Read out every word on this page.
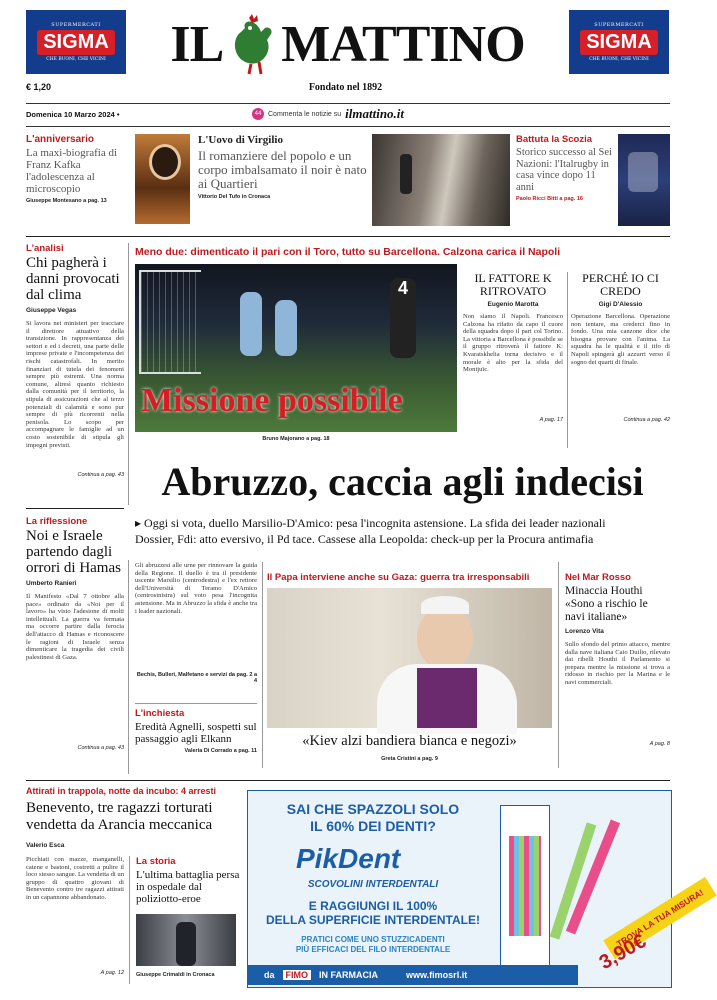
SUPERMERCATI
SIGMA
CHE BUONI, CHE VICINI
SUPERMERCATI
SIGMA
CHE BUONI, CHE VICINI
IL MATTINO
€ 1,20	Fondato nel 1892
Domenica 10 Marzo 2024 •	44 Commenta le notizie su ilmattino.it
L'anniversario
La maxi-biografia di Franz Kafka l'adolescenza al microscopio
Giuseppe Montesano a pag. 13
L'Uovo di Virgilio
Il romanziere del popolo e un corpo imbalsamato il noir è nato ai Quartieri
Vittorio Del Tufo in Cronaca
Battuta la Scozia
Storico successo al Sei Nazioni: l'Italrugby in casa vince dopo 11 anni
Paolo Ricci Bitti a pag. 16
L'analisi
Chi pagherà i danni provocati dal clima
Giuseppe Vegas

Si lavora nei ministeri per tracciare il direttore attuativo della transizione. In rappresentanza dei settori e ed i decreti, una parte delle imprese private e l'incompetenza dei rischi catastrofali. In merito finanziari di tutela dei fenomeni sempre più estremi. Una norma comune, altresì quanto richiesto dalla comunità per il territorio, la stipula di assicurazioni che al terzo potenziali di calamità e sono pur sempre di più ricorrenti nella penisola. Lo scopo per accompagnare le famiglie ad un costo sostenibile di stipula gli impegni previsti.

Continua a pag. 43
Meno due: dimenticato il pari con il Toro, tutto su Barcellona. Calzona carica il Napoli
4
Missione possibile
Bruno Majorano a pag. 18
IL FATTORE K RITROVATO
Eugenio Marotta

Non siamo il Napoli. Francesco Calzona ha rifatto da capo il cuore della squadra dopo il pari col Torino. La vittoria a Barcellona è possibile se il gruppo ritroverà il fattore K: Kvaratskhelia torna decisivo e il morale è alto per la sfida del Montjuïc.

A pag. 17
PERCHÉ IO CI CREDO
Gigi D'Alessio

Operazione Barcellona. Operazione non tentare, ma crederci fino in fondo. Una mia canzone dice che bisogna provare con l'anima. La squadra ha le qualità e il tifo di Napoli spingerà gli azzurri verso il sogno dei quarti di finale.

Continua a pag. 42
Abruzzo, caccia agli indecisi
▸ Oggi si vota, duello Marsilio-D'Amico: pesa l'incognita astensione. La sfida dei leader nazionali
Dossier, Fdi: atto eversivo, il Pd tace. Cassese alla Leopolda: check-up per la Procura antimafia
La riflessione
Noi e Israele partendo dagli orrori di Hamas
Umberto Ranieri

Il Manifesto «Dal 7 ottobre alla pace» ordinato da «Noi per il lavoro» ha visto l'adesione di molti intellettuali. La guerra va fermata ma occorre partire dalla ferocia dell'attacco di Hamas e riconoscere le ragioni di Israele senza dimenticare la tragedia dei civili palestinesi di Gaza.

Continua a pag. 43

Gli abruzzesi alle urne per rinnovare la guida della Regione. Il duello è tra il presidente uscente Marsilio (centrodestra) e l'ex rettore dell'Università di Teramo D'Amico (centrosinistra) sul voto pesa l'incognita astensione. Ma in Abruzzo la sfida è anche tra i leader nazionali.

Bechis, Bulleri, Malfetano e servizi da pag. 2 a 4
L'inchiesta
Eredità Agnelli, sospetti sul passaggio agli Elkann
Valeria Di Corrado a pag. 11
Il Papa interviene anche su Gaza: guerra tra irresponsabili
«Kiev alzi bandiera bianca e negozi»
Greta Cristini a pag. 9
Nel Mar Rosso
Minaccia Houthi «Sono a rischio le navi italiane»
Lorenzo Vita

Sullo sfondo del primo attacco, mentre dalla nave italiana Caio Duilio, rilevato dai ribelli Houthi il Parlamento si prepara mentre la missione si trova a ridosso in rischio per la Marina e le navi commerciali.

A pag. 8
Attirati in trappola, notte da incubo: 4 arresti
Benevento, tre ragazzi torturati vendetta da Arancia meccanica
Valerio Esca

Picchiati con mazze, manganelli, catene e bastoni, costretti a pulire il loco stesso sangue. La vendetta di un gruppo di quattro giovani di Benevento contro tre ragazzi attirati in un capannone abbandonato.

A pag. 12
La storia
L'ultima battaglia persa in ospedale dal poliziotto-eroe
Giuseppe Crimaldi in Cronaca
SAI CHE SPAZZOLI SOLO
IL 60% DEI DENTI?
PikDent
SCOVOLINI INTERDENTALI
E RAGGIUNGI IL 100%
DELLA SUPERFICIE INTERDENTALE!
PRATICI COME UNO STUZZICADENTI
PIÙ EFFICACI DEL FILO INTERDENTALE
TROVA LA TUA MISURA!
3,90€
da	FIMO	IN FARMACIA	www.fimosrl.it
